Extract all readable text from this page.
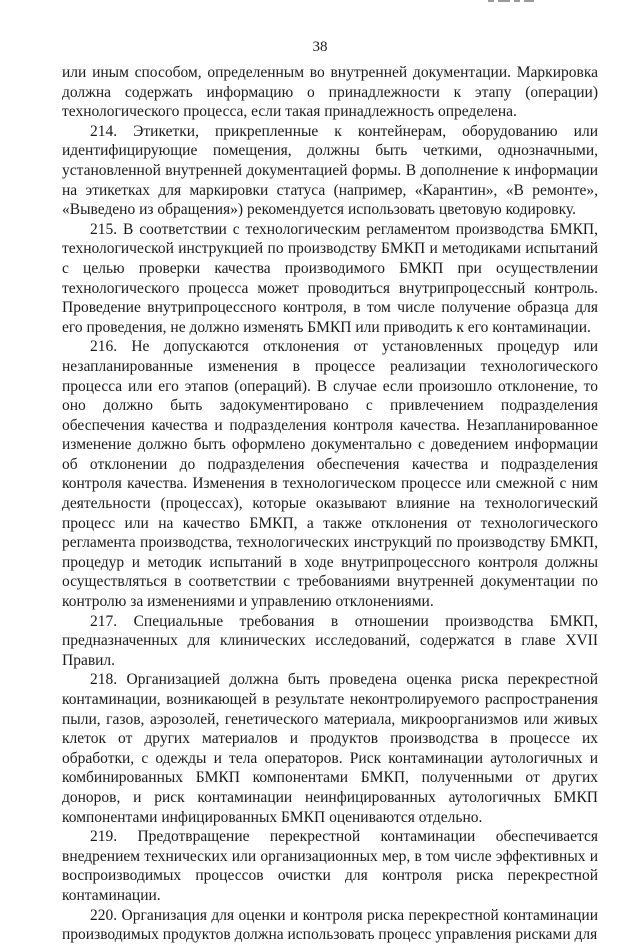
38

или иным способом, определенным во внутренней документации. Маркировка должна содержать информацию о принадлежности к этапу (операции) технологического процесса, если такая принадлежность определена.

214. Этикетки, прикрепленные к контейнерам, оборудованию или идентифицирующие помещения, должны быть четкими, однозначными, установленной внутренней документацией формы. В дополнение к информации на этикетках для маркировки статуса (например, «Карантин», «В ремонте», «Выведено из обращения») рекомендуется использовать цветовую кодировку.

215. В соответствии с технологическим регламентом производства БМКП, технологической инструкцией по производству БМКП и методиками испытаний с целью проверки качества производимого БМКП при осуществлении технологического процесса может проводиться внутрипроцессный контроль. Проведение внутрипроцессного контроля, в том числе получение образца для его проведения, не должно изменять БМКП или приводить к его контаминации.

216. Не допускаются отклонения от установленных процедур или незапланированные изменения в процессе реализации технологического процесса или его этапов (операций). В случае если произошло отклонение, то оно должно быть задокументировано с привлечением подразделения обеспечения качества и подразделения контроля качества. Незапланированное изменение должно быть оформлено документально с доведением информации об отклонении до подразделения обеспечения качества и подразделения контроля качества. Изменения в технологическом процессе или смежной с ним деятельности (процессах), которые оказывают влияние на технологический процесс или на качество БМКП, а также отклонения от технологического регламента производства, технологических инструкций по производству БМКП, процедур и методик испытаний в ходе внутрипроцессного контроля должны осуществляться в соответствии с требованиями внутренней документации по контролю за изменениями и управлению отклонениями.

217. Специальные требования в отношении производства БМКП, предназначенных для клинических исследований, содержатся в главе XVII Правил.

218. Организацией должна быть проведена оценка риска перекрестной контаминации, возникающей в результате неконтролируемого распространения пыли, газов, аэрозолей, генетического материала, микроорганизмов или живых клеток от других материалов и продуктов производства в процессе их обработки, с одежды и тела операторов. Риск контаминации аутологичных и комбинированных БМКП компонентами БМКП, полученными от других доноров, и риск контаминации неинфицированных аутологичных БМКП компонентами инфицированных БМКП оцениваются отдельно.

219. Предотвращение перекрестной контаминации обеспечивается внедрением технических или организационных мер, в том числе эффективных и воспроизводимых процессов очистки для контроля риска перекрестной контаминации.

220. Организация для оценки и контроля риска перекрестной контаминации производимых продуктов должна использовать процесс управления рисками для
